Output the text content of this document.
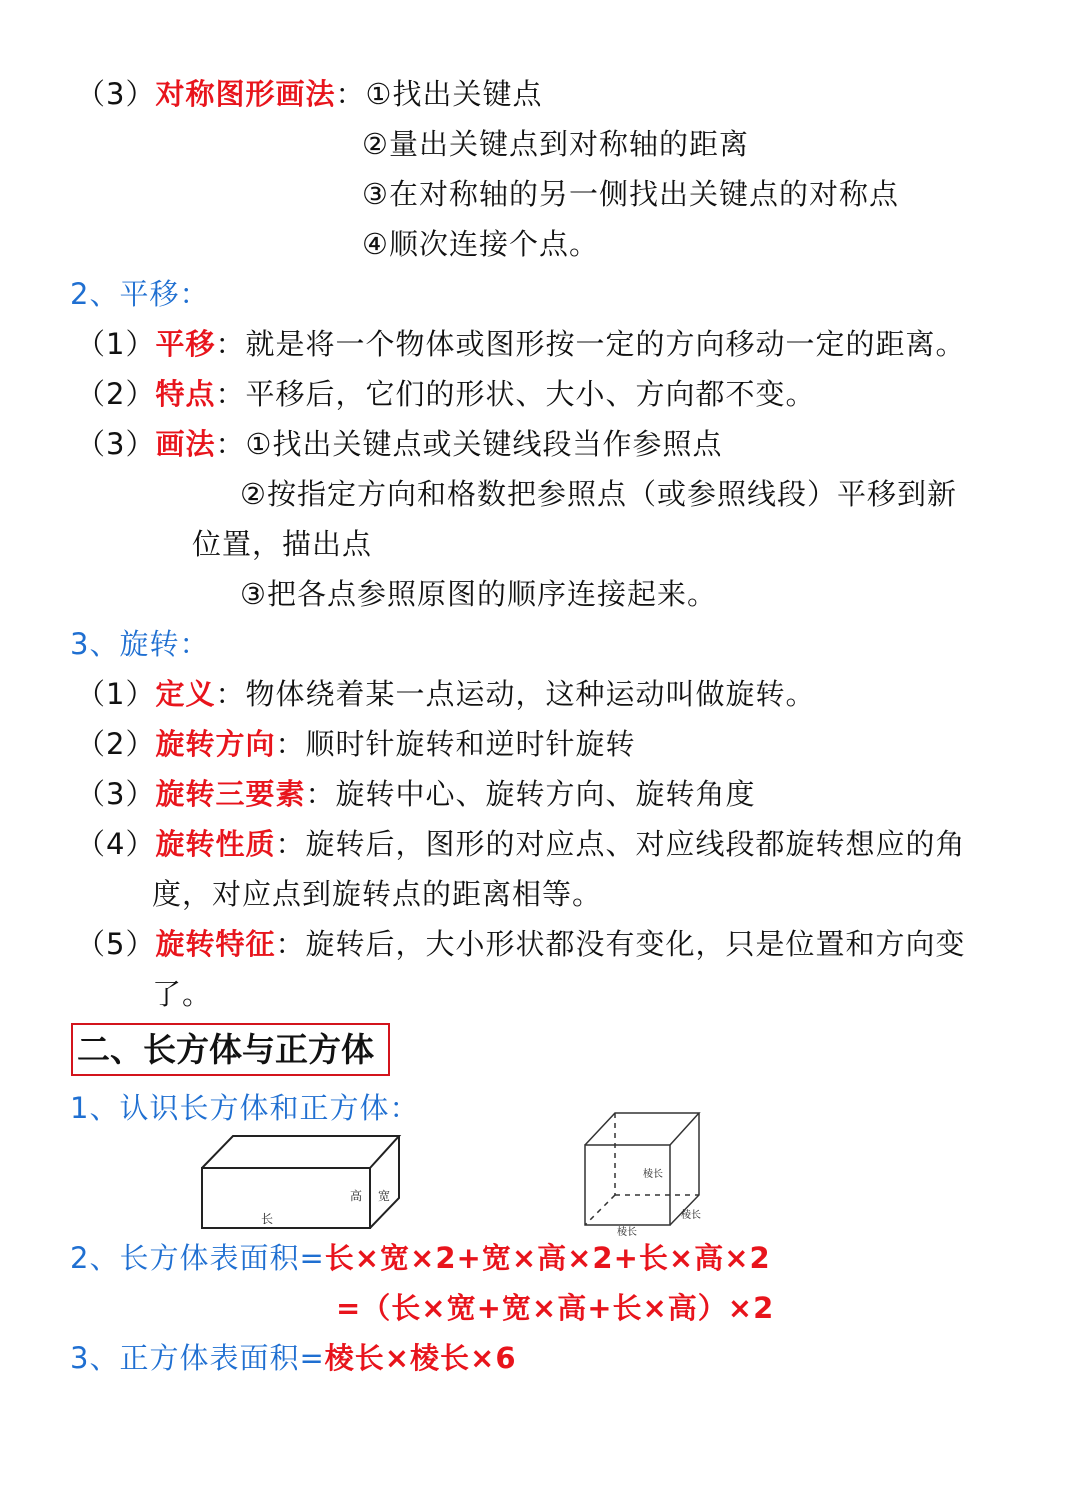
（3）对称图形画法：①找出关键点
②量出关键点到对称轴的距离
③在对称轴的另一侧找出关键点的对称点
④顺次连接个点。
2、平移：
（1）平移：就是将一个物体或图形按一定的方向移动一定的距离。
（2）特点：平移后，它们的形状、大小、方向都不变。
（3）画法：①找出关键点或关键线段当作参照点
②按指定方向和格数把参照点（或参照线段）平移到新
位置，描出点
③把各点参照原图的顺序连接起来。
3、旋转：
（1）定义：物体绕着某一点运动，这种运动叫做旋转。
（2）旋转方向：顺时针旋转和逆时针旋转
（3）旋转三要素：旋转中心、旋转方向、旋转角度
（4）旋转性质：旋转后，图形的对应点、对应线段都旋转想应的角
度，对应点到旋转点的距离相等。
（5）旋转特征：旋转后，大小形状都没有变化，只是位置和方向变
了。
二、长方体与正方体
1、认识长方体和正方体：
长
高 宽
棱长
棱长
棱长
2、长方体表面积=长×宽×2+宽×高×2+长×高×2
=（长×宽+宽×高+长×高）×2
3、正方体表面积=棱长×棱长×6
